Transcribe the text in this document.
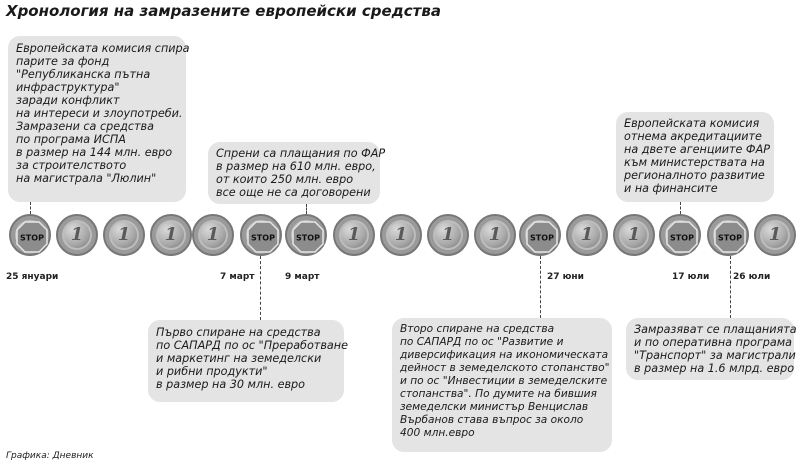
Хронология на замразените европейски средства
Европейската комисия спира
парите за фонд
"Републиканска пътна
инфраструктура"
заради конфликт
на интереси и злоупотреби.
Замразени са средства
по програма ИСПА
в размер на 144 млн. евро
за строителството
на магистрала "Люлин"
Спрени са плащания по ФАР
в размер на 610 млн. евро,
от които 250 млн. евро
все още не са договорени
Европейската комисия
отнема акредитациите
на двете агенциите ФАР
към министерствата на
регионалното развитие
и на финансите
Първо спиране на средства
по САПАРД по ос "Преработване
и маркетинг на земеделски
и рибни продукти"
в размер на 30 млн. евро
Второ спиране на средства
по САПАРД по ос "Развитие и
диверсификация на икономическата
дейност в земеделското стопанство"
и по ос "Инвестиции в земеделските
стопанства". По думите на бившия
земеделски министър Венцислав
Върбанов става въпрос за около
400 млн.евро
Замразяват се плащанията
и по оперативна програма
"Транспорт" за магистрали
в размер на 1.6 млрд. евро
STOP	1	1	1	1	STOP	STOP	1	1	1	1	STOP	1	1	STOP	STOP	1
25 януари	7 март	9 март	27 юни	17 юли	26 юли
Графика: Дневник
